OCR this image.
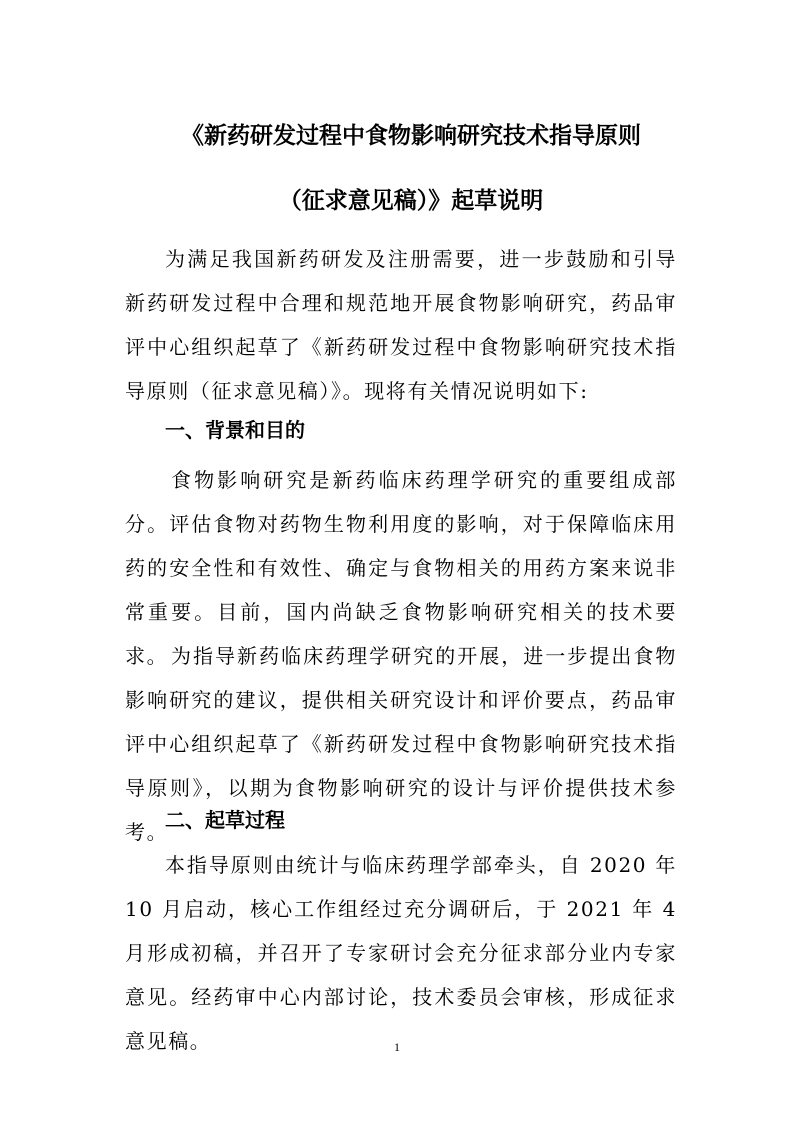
《新药研发过程中食物影响研究技术指导原则
（征求意见稿）》起草说明
为满足我国新药研发及注册需要，进一步鼓励和引导新药研发过程中合理和规范地开展食物影响研究，药品审评中心组织起草了《新药研发过程中食物影响研究技术指导原则（征求意见稿）》。现将有关情况说明如下:
一、背景和目的
食物影响研究是新药临床药理学研究的重要组成部分。评估食物对药物生物利用度的影响，对于保障临床用药的安全性和有效性、确定与食物相关的用药方案来说非常重要。目前，国内尚缺乏食物影响研究相关的技术要求。 为指导新药临床药理学研究的开展，进一步提出食物影响研究的建议，提供相关研究设计和评价要点，药品审评中心组织起草了《新药研发过程中食物影响研究技术指导原则》，以期为食物影响研究的设计与评价提供技术参考。
二、起草过程
本指导原则由统计与临床药理学部牵头，自 2020 年 10 月启动，核心工作组经过充分调研后，于 2021 年 4 月形成初稿，并召开了专家研讨会充分征求部分业内专家意见。经药审中心内部讨论，技术委员会审核，形成征求意见稿。	1
